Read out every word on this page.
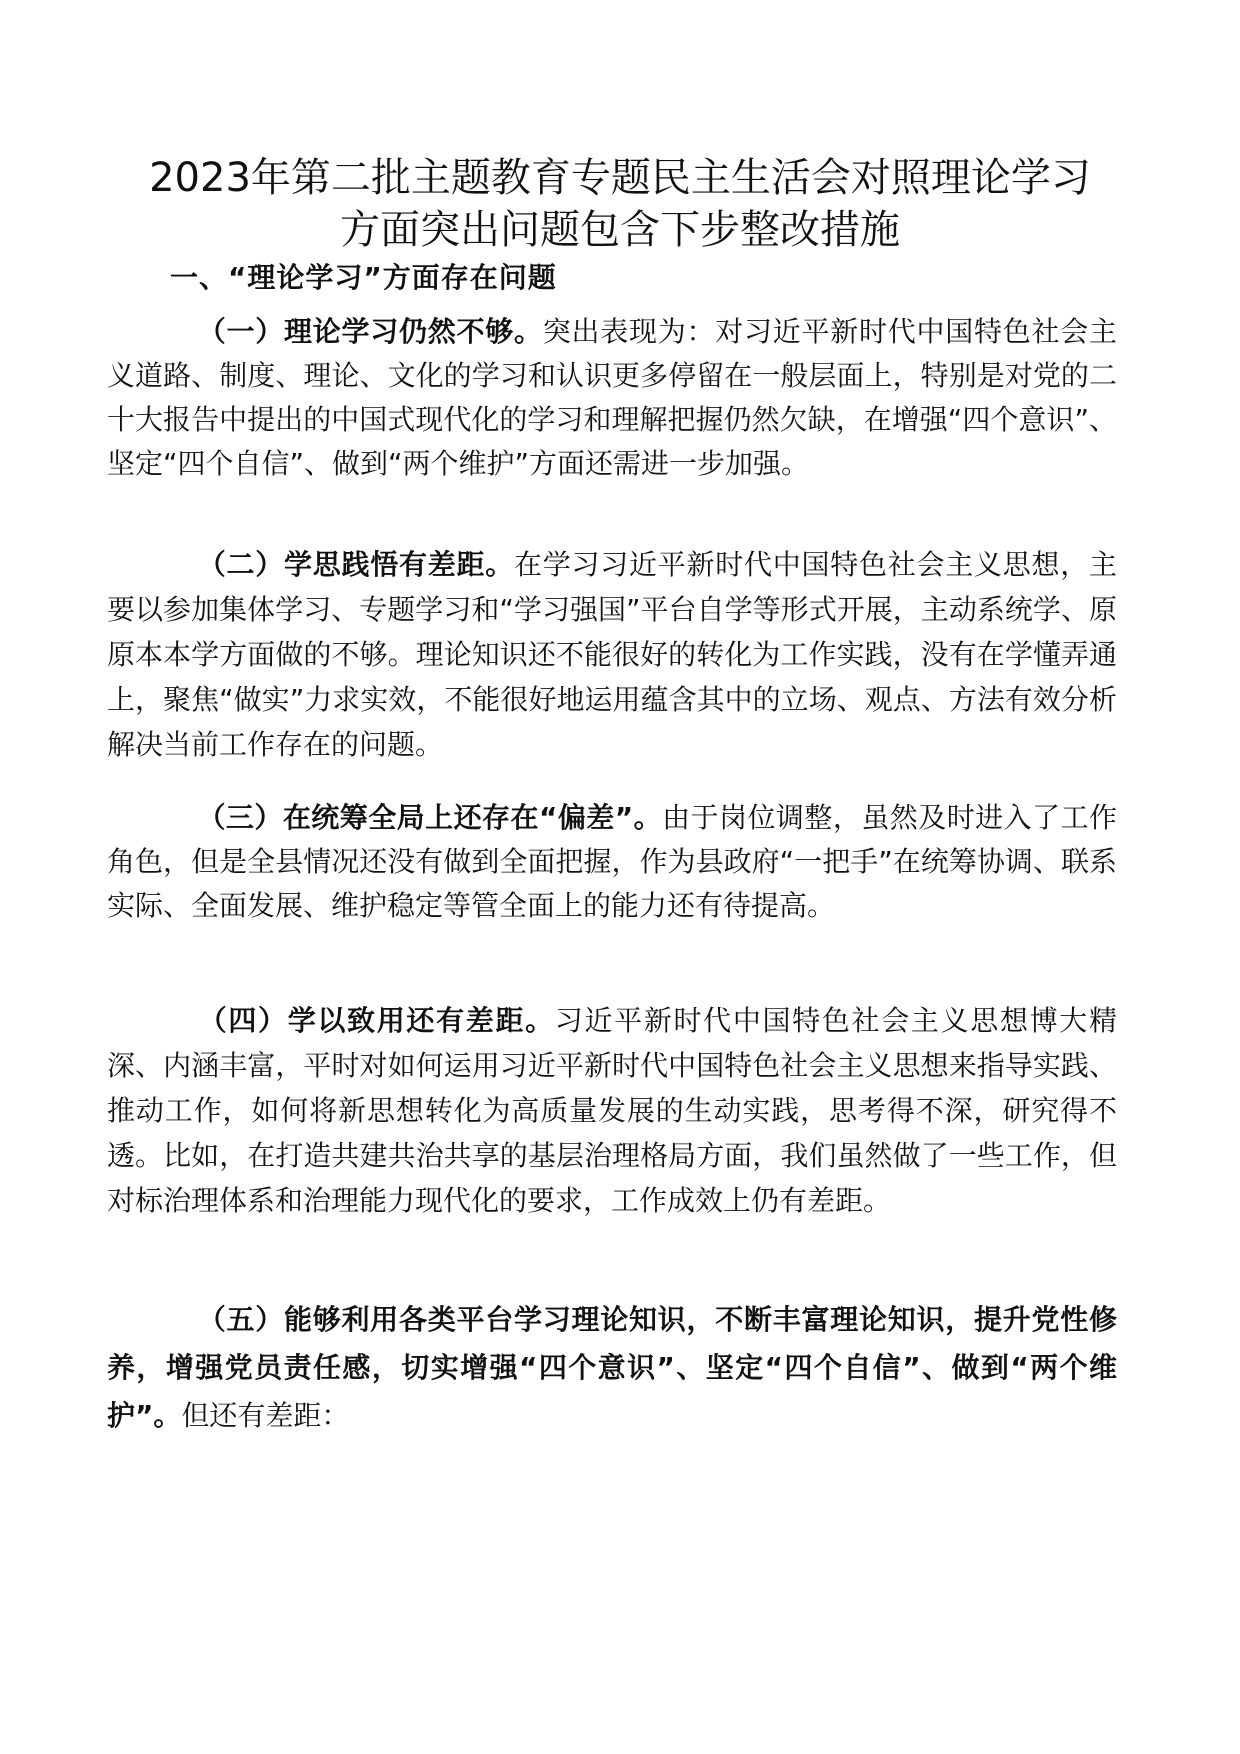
2023年第二批主题教育专题民主生活会对照理论学习
方面突出问题包含下步整改措施
一、“理论学习”方面存在问题
（一）理论学习仍然不够。突出表现为：对习近平新时代中国特色社会主义道路、制度、理论、文化的学习和认识更多停留在一般层面上，特别是对党的二十大报告中提出的中国式现代化的学习和理解把握仍然欠缺，在增强“四个意识”、坚定“四个自信”、做到“两个维护”方面还需进一步加强。
（二）学思践悟有差距。在学习习近平新时代中国特色社会主义思想，主要以参加集体学习、专题学习和“学习强国”平台自学等形式开展，主动系统学、原原本本学方面做的不够。理论知识还不能很好的转化为工作实践，没有在学懂弄通上，聚焦“做实”力求实效，不能很好地运用蕴含其中的立场、观点、方法有效分析解决当前工作存在的问题。
（三）在统筹全局上还存在“偏差”。由于岗位调整，虽然及时进入了工作角色，但是全县情况还没有做到全面把握，作为县政府“一把手”在统筹协调、联系实际、全面发展、维护稳定等管全面上的能力还有待提高。
（四）学以致用还有差距。习近平新时代中国特色社会主义思想博大精深、内涵丰富，平时对如何运用习近平新时代中国特色社会主义思想来指导实践、推动工作，如何将新思想转化为高质量发展的生动实践，思考得不深，研究得不透。比如，在打造共建共治共享的基层治理格局方面，我们虽然做了一些工作，但对标治理体系和治理能力现代化的要求，工作成效上仍有差距。
（五）能够利用各类平台学习理论知识，不断丰富理论知识，提升党性修养，增强党员责任感，切实增强“四个意识”、坚定“四个自信”、做到“两个维护”。但还有差距：
